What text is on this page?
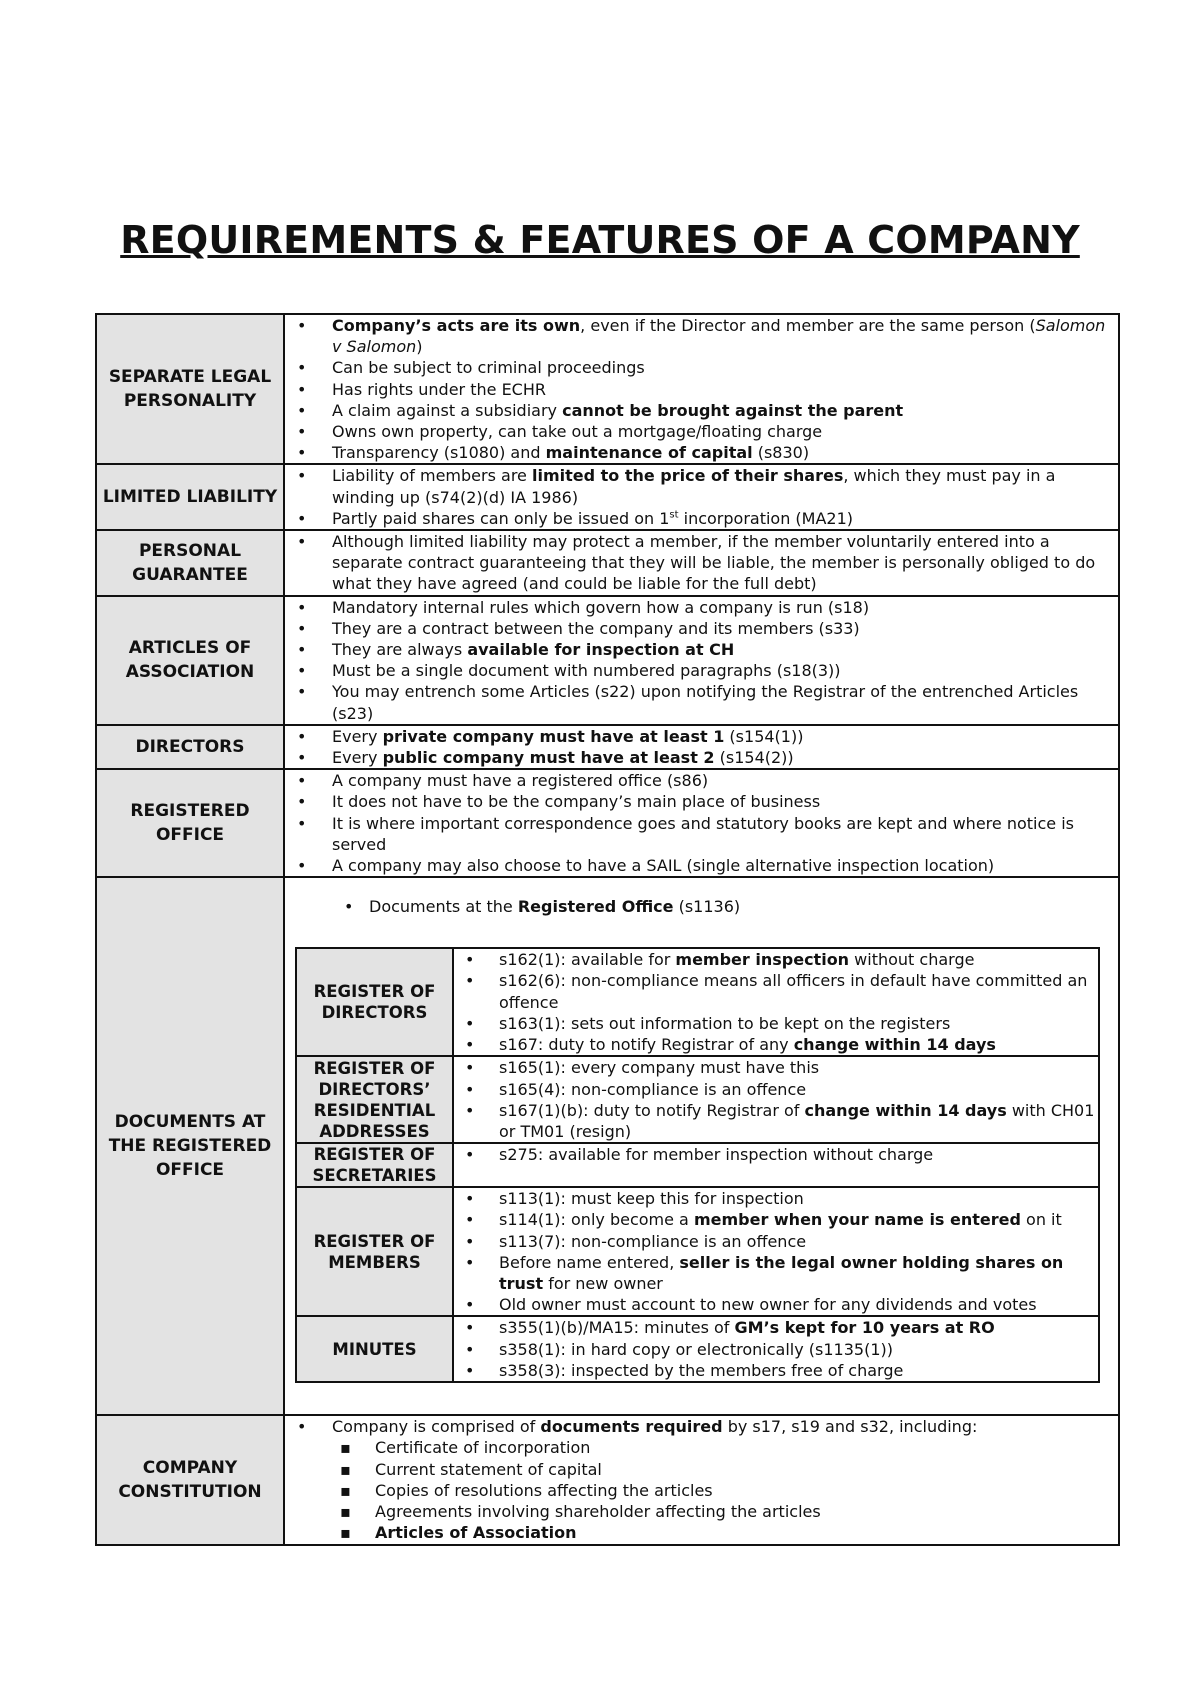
REQUIREMENTS & FEATURES OF A COMPANY
SEPARATE LEGAL PERSONALITY	
• Company’s acts are its own, even if the Director and member are the same person (Salomon v Salomon)
• Can be subject to criminal proceedings
• Has rights under the ECHR
• A claim against a subsidiary cannot be brought against the parent
• Owns own property, can take out a mortgage/floating charge
• Transparency (s1080) and maintenance of capital (s830)

LIMITED LIABILITY	
• Liability of members are limited to the price of their shares, which they must pay in a winding up (s74(2)(d) IA 1986)
• Partly paid shares can only be issued on 1st incorporation (MA21)

PERSONAL GUARANTEE	
• Although limited liability may protect a member, if the member voluntarily entered into a separate contract guaranteeing that they will be liable, the member is personally obliged to do what they have agreed (and could be liable for the full debt)

ARTICLES OF ASSOCIATION	
• Mandatory internal rules which govern how a company is run (s18)
• They are a contract between the company and its members (s33)
• They are always available for inspection at CH
• Must be a single document with numbered paragraphs (s18(3))
• You may entrench some Articles (s22) upon notifying the Registrar of the entrenched Articles (s23)

DIRECTORS	
• Every private company must have at least 1 (s154(1))
• Every public company must have at least 2 (s154(2))

REGISTERED OFFICE	
• A company must have a registered office (s86)
• It does not have to be the company’s main place of business
• It is where important correspondence goes and statutory books are kept and where notice is served
• A company may also choose to have a SAIL (single alternative inspection location)

DOCUMENTS AT THE REGISTERED OFFICE	
• Documents at the Registered Office (s1136)
REGISTER OF DIRECTORS	
• s162(1): available for member inspection without charge
• s162(6): non-compliance means all officers in default have committed an offence
• s163(1): sets out information to be kept on the registers
• s167: duty to notify Registrar of any change within 14 days

REGISTER OF DIRECTORS’ RESIDENTIAL ADDRESSES	
• s165(1): every company must have this
• s165(4): non-compliance is an offence
• s167(1)(b): duty to notify Registrar of change within 14 days with CH01 or TM01 (resign)

REGISTER OF SECRETARIES	
• s275: available for member inspection without charge

REGISTER OF MEMBERS	
• s113(1): must keep this for inspection
• s114(1): only become a member when your name is entered on it
• s113(7): non-compliance is an offence
• Before name entered, seller is the legal owner holding shares on trust for new owner
• Old owner must account to new owner for any dividends and votes

MINUTES	
• s355(1)(b)/MA15: minutes of GM’s kept for 10 years at RO
• s358(1): in hard copy or electronically (s1135(1))
• s358(3): inspected by the members free of charge

COMPANY CONSTITUTION	
• Company is comprised of documents required by s17, s19 and s32, including:
▪ Certificate of incorporation
▪ Current statement of capital
▪ Copies of resolutions affecting the articles
▪ Agreements involving shareholder affecting the articles
▪ Articles of Association
